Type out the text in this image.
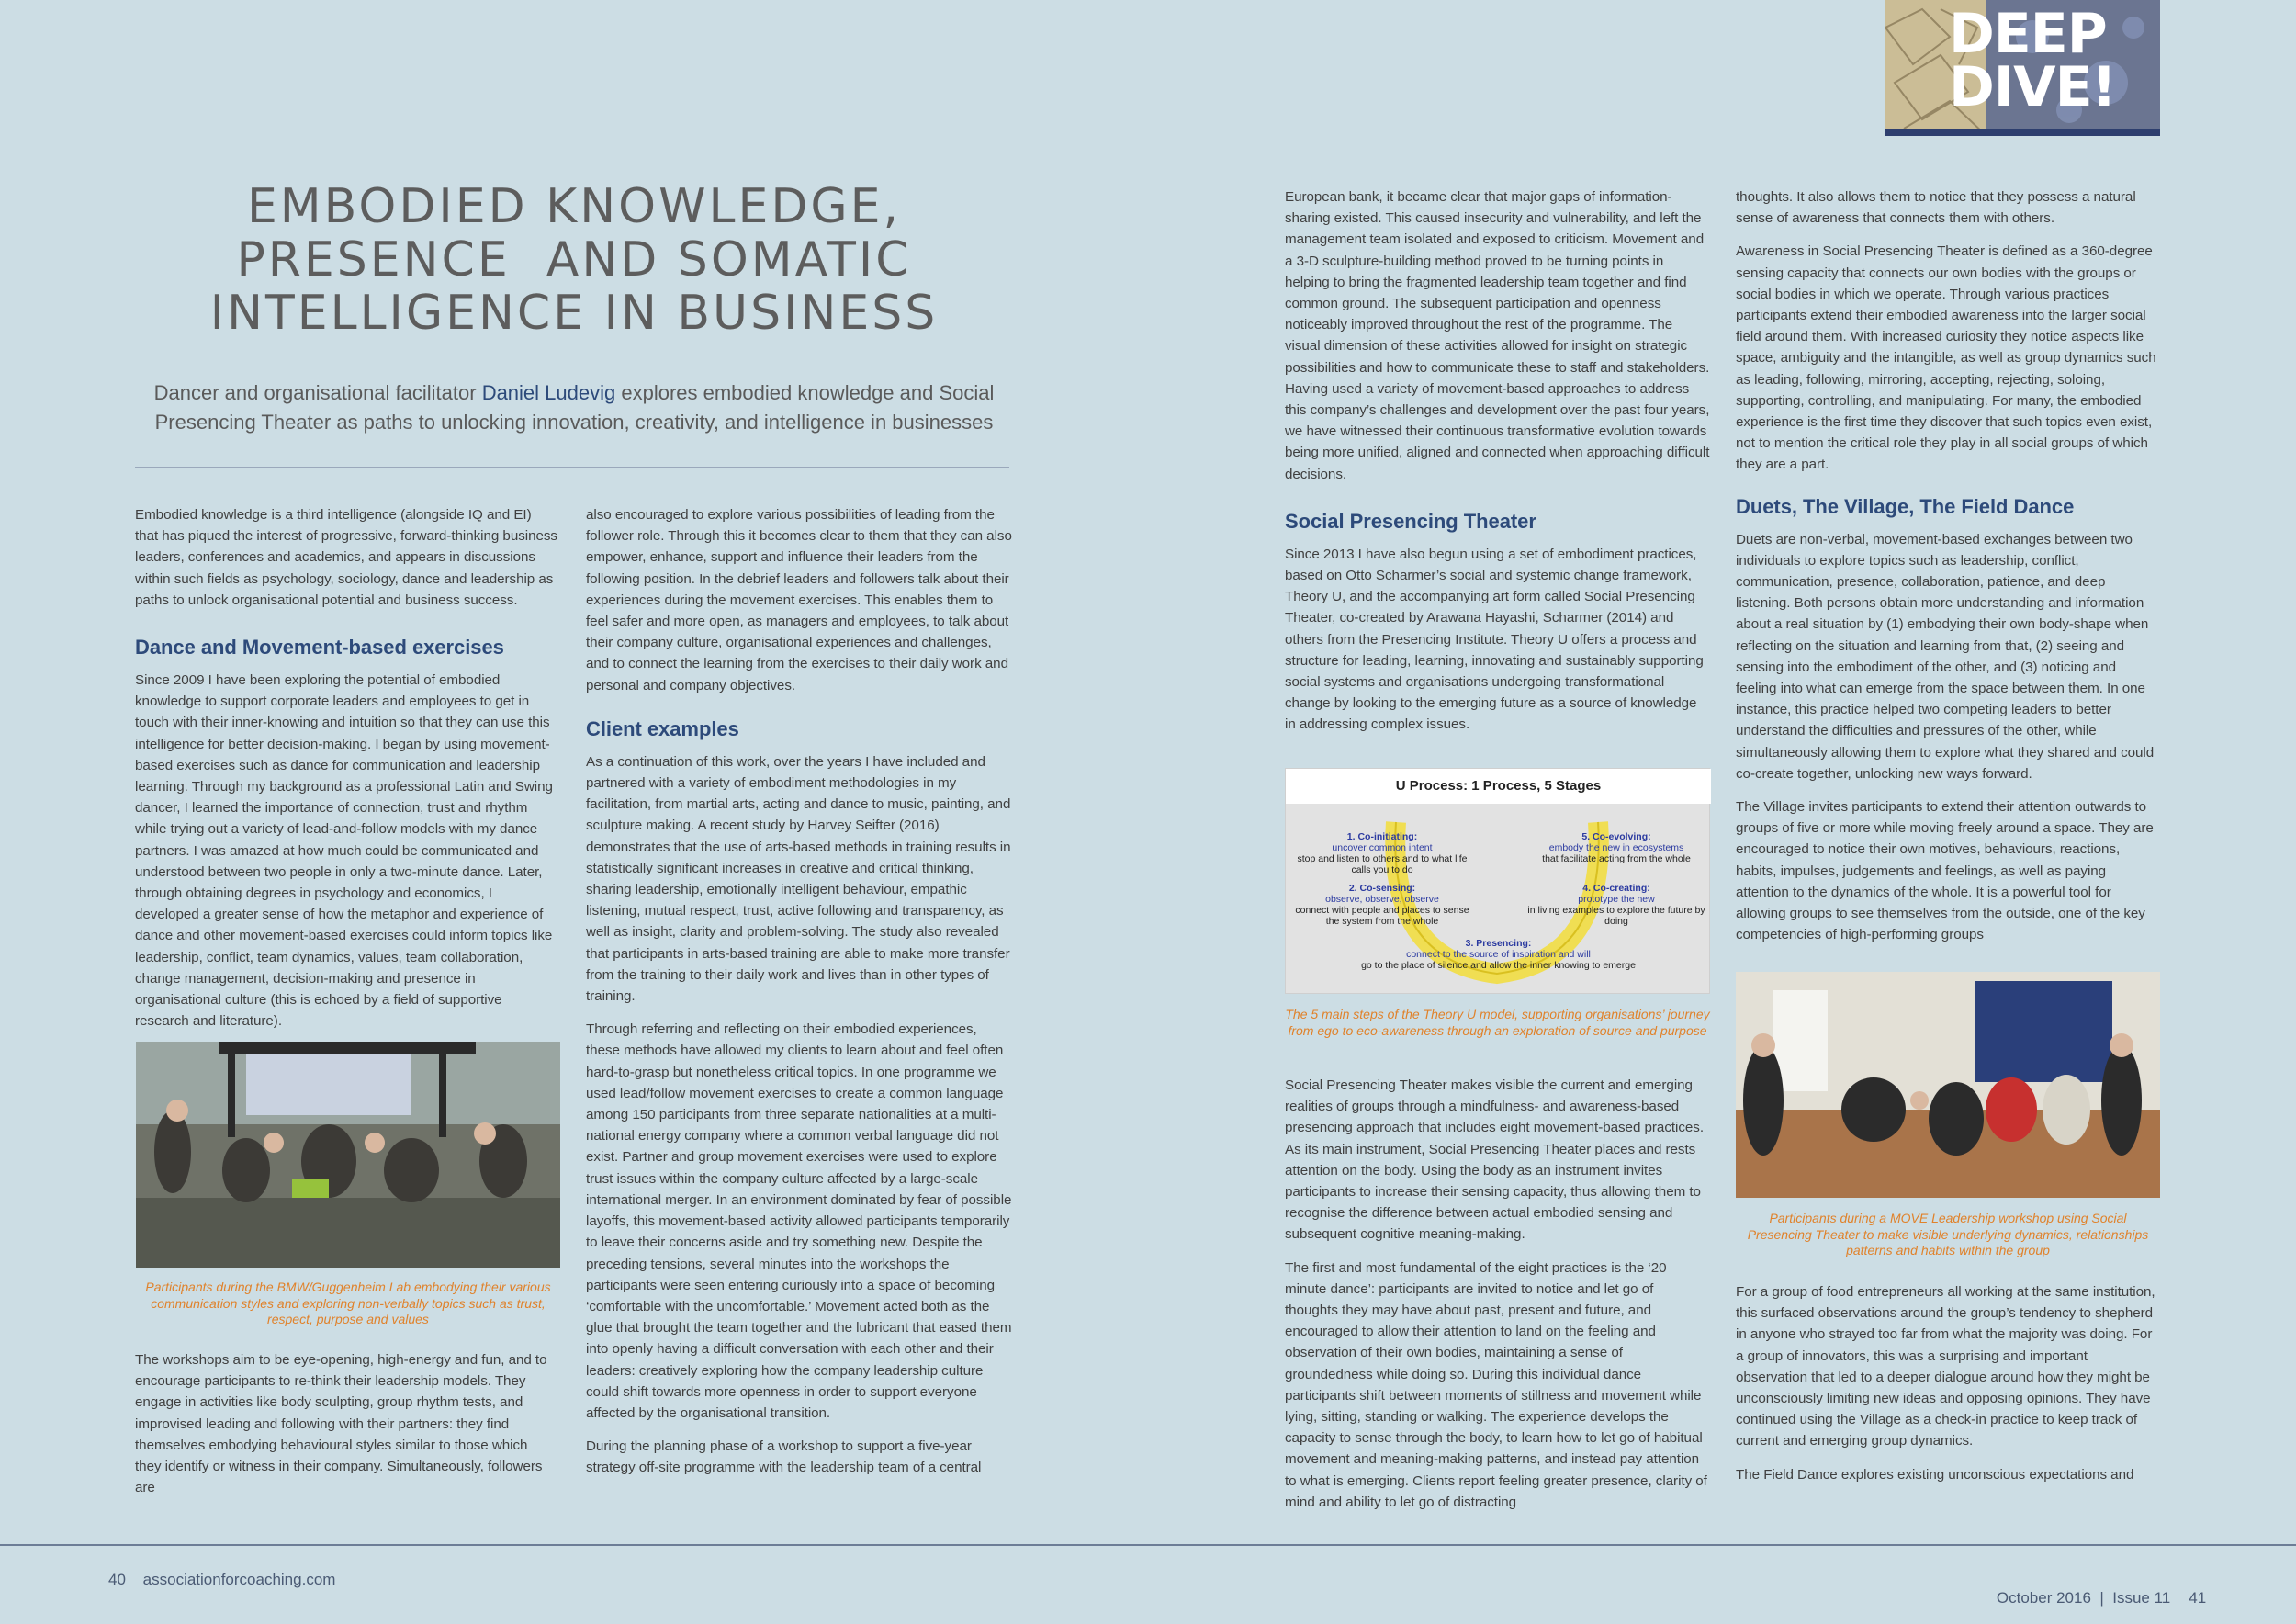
DEEP
DIVE!
EMBODIED KNOWLEDGE,
PRESENCE  AND SOMATIC
INTELLIGENCE IN BUSINESS
Dancer and organisational facilitator Daniel Ludevig explores embodied knowledge and Social Presencing Theater as paths to unlocking innovation, creativity, and intelligence in businesses

Embodied knowledge is a third intelligence (alongside IQ and EI) that has piqued the interest of progressive, forward-thinking business leaders, conferences and academics, and appears in discussions within such fields as psychology, sociology, dance and leadership as paths to unlock organisational potential and business success.

Dance and Movement-based exercises

Since 2009 I have been exploring the potential of embodied knowledge to support corporate leaders and employees to get in touch with their inner-knowing and intuition so that they can use this intelligence for better decision-making. I began by using movement-based exercises such as dance for communication and leadership learning. Through my background as a professional Latin and Swing dancer, I learned the importance of connection, trust and rhythm while trying out a variety of lead-and-follow models with my dance partners. I was amazed at how much could be communicated and understood between two people in only a two-minute dance. Later, through obtaining degrees in psychology and economics, I developed a greater sense of how the metaphor and experience of dance and other movement-based exercises could inform topics like leadership, conflict, team dynamics, values, team collaboration, change management, decision-making and presence in organisational culture (this is echoed by a field of supportive research and literature).

Participants during the BMW/Guggenheim Lab embodying their various communication styles and exploring non-verbally topics such as trust, respect, purpose and values

The workshops aim to be eye-opening, high-energy and fun, and to encourage participants to re-think their leadership models. They engage in activities like body sculpting, group rhythm tests, and improvised leading and following with their partners: they find themselves embodying behavioural styles similar to those which they identify or witness in their company. Simultaneously, followers are

also encouraged to explore various possibilities of leading from the follower role. Through this it becomes clear to them that they can also empower, enhance, support and influence their leaders from the following position. In the debrief leaders and followers talk about their experiences during the movement exercises. This enables them to feel safer and more open, as managers and employees, to talk about their company culture, organisational experiences and challenges, and to connect the learning from the exercises to their daily work and personal and company objectives.

Client examples

As a continuation of this work, over the years I have included and partnered with a variety of embodiment methodologies in my facilitation, from martial arts, acting and dance to music, painting, and sculpture making. A recent study by Harvey Seifter (2016) demonstrates that the use of arts-based methods in training results in statistically significant increases in creative and critical thinking, sharing leadership, emotionally intelligent behaviour, empathic listening, mutual respect, trust, active following and transparency, as well as insight, clarity and problem-solving. The study also revealed that participants in arts-based training are able to make more transfer from the training to their daily work and lives than in other types of training.

Through referring and reflecting on their embodied experiences, these methods have allowed my clients to learn about and feel often hard-to-grasp but nonetheless critical topics. In one programme we used lead/follow movement exercises to create a common language among 150 participants from three separate nationalities at a multi-national energy company where a common verbal language did not exist. Partner and group movement exercises were used to explore trust issues within the company culture affected by a large-scale international merger. In an environment dominated by fear of possible layoffs, this movement-based activity allowed participants temporarily to leave their concerns aside and try something new. Despite the preceding tensions, several minutes into the workshops the participants were seen entering curiously into a space of becoming ‘comfortable with the uncomfortable.’ Movement acted both as the glue that brought the team together and the lubricant that eased them into openly having a difficult conversation with each other and their leaders: creatively exploring how the company leadership culture could shift towards more openness in order to support everyone affected by the organisational transition.

During the planning phase of a workshop to support a five-year strategy off-site programme with the leadership team of a central

European bank, it became clear that major gaps of information-sharing existed. This caused insecurity and vulnerability, and left the management team isolated and exposed to criticism. Movement and a 3-D sculpture-building method proved to be turning points in helping to bring the fragmented leadership team together and find common ground. The subsequent participation and openness noticeably improved throughout the rest of the programme. The visual dimension of these activities allowed for insight on strategic possibilities and how to communicate these to staff and stakeholders. Having used a variety of movement-based approaches to address this company’s challenges and development over the past four years, we have witnessed their continuous transformative evolution towards being more unified, aligned and connected when approaching difficult decisions.

Social Presencing Theater

Since 2013 I have also begun using a set of embodiment practices, based on Otto Scharmer’s social and systemic change framework, Theory U, and the accompanying art form called Social Presencing Theater, co-created by Arawana Hayashi, Scharmer (2014) and others from the Presencing Institute. Theory U offers a process and structure for leading, learning, innovating and sustainably supporting social systems and organisations undergoing transformational change by looking to the emerging future as a source of knowledge in addressing complex issues.

U Process: 1 Process, 5 Stages
1. Co-initiating:
uncover common intent
stop and listen to others and to what life calls you to do
2. Co-sensing:
observe, observe, observe
connect with people and places to sense the system from the whole
3. Presencing:
connect to the source of inspiration and will
go to the place of silence and allow the inner knowing to emerge
4. Co-creating:
prototype the new
in living examples to explore the future by doing
5. Co-evolving:
embody the new in ecosystems
that facilitate acting from the whole
The 5 main steps of the Theory U model, supporting organisations’ journey from ego to eco-awareness through an exploration of source and purpose

Social Presencing Theater makes visible the current and emerging realities of groups through a mindfulness- and awareness-based presencing approach that includes eight movement-based practices. As its main instrument, Social Presencing Theater places and rests attention on the body. Using the body as an instrument invites participants to increase their sensing capacity, thus allowing them to recognise the difference between actual embodied sensing and subsequent cognitive meaning-making.

The first and most fundamental of the eight practices is the ‘20 minute dance’: participants are invited to notice and let go of thoughts they may have about past, present and future, and encouraged to allow their attention to land on the feeling and observation of their own bodies, maintaining a sense of groundedness while doing so. During this individual dance participants shift between moments of stillness and movement while lying, sitting, standing or walking. The experience develops the capacity to sense through the body, to learn how to let go of habitual movement and meaning-making patterns, and instead pay attention to what is emerging. Clients report feeling greater presence, clarity of mind and ability to let go of distracting

thoughts. It also allows them to notice that they possess a natural sense of awareness that connects them with others.

Awareness in Social Presencing Theater is defined as a 360-degree sensing capacity that connects our own bodies with the groups or social bodies in which we operate. Through various practices participants extend their embodied awareness into the larger social field around them. With increased curiosity they notice aspects like space, ambiguity and the intangible, as well as group dynamics such as leading, following, mirroring, accepting, rejecting, soloing, supporting, controlling, and manipulating. For many, the embodied experience is the first time they discover that such topics even exist, not to mention the critical role they play in all social groups of which they are a part.

Duets, The Village, The Field Dance

Duets are non-verbal, movement-based exchanges between two individuals to explore topics such as leadership, conflict, communication, presence, collaboration, patience, and deep listening. Both persons obtain more understanding and information about a real situation by (1) embodying their own body-shape when reflecting on the situation and learning from that, (2) seeing and sensing into the embodiment of the other, and (3) noticing and feeling into what can emerge from the space between them. In one instance, this practice helped two competing leaders to better understand the difficulties and pressures of the other, while simultaneously allowing them to explore what they shared and could co-create together, unlocking new ways forward.

The Village invites participants to extend their attention outwards to groups of five or more while moving freely around a space. They are encouraged to notice their own motives, behaviours, reactions, habits, impulses, judgements and feelings, as well as paying attention to the dynamics of the whole. It is a powerful tool for allowing groups to see themselves from the outside, one of the key competencies of high-performing groups

Participants during a MOVE Leadership workshop using Social Presencing Theater to make visible underlying dynamics, relationships patterns and habits within the group

For a group of food entrepreneurs all working at the same institution, this surfaced observations around the group’s tendency to shepherd in anyone who strayed too far from what the majority was doing. For a group of innovators, this was a surprising and important observation that led to a deeper dialogue around how they might be unconsciously limiting new ideas and opposing opinions. They have continued using the Village as a check-in practice to keep track of current and emerging group dynamics.

The Field Dance explores existing unconscious expectations and

40 associationforcoaching.com

October 2016  |  Issue 11 41
